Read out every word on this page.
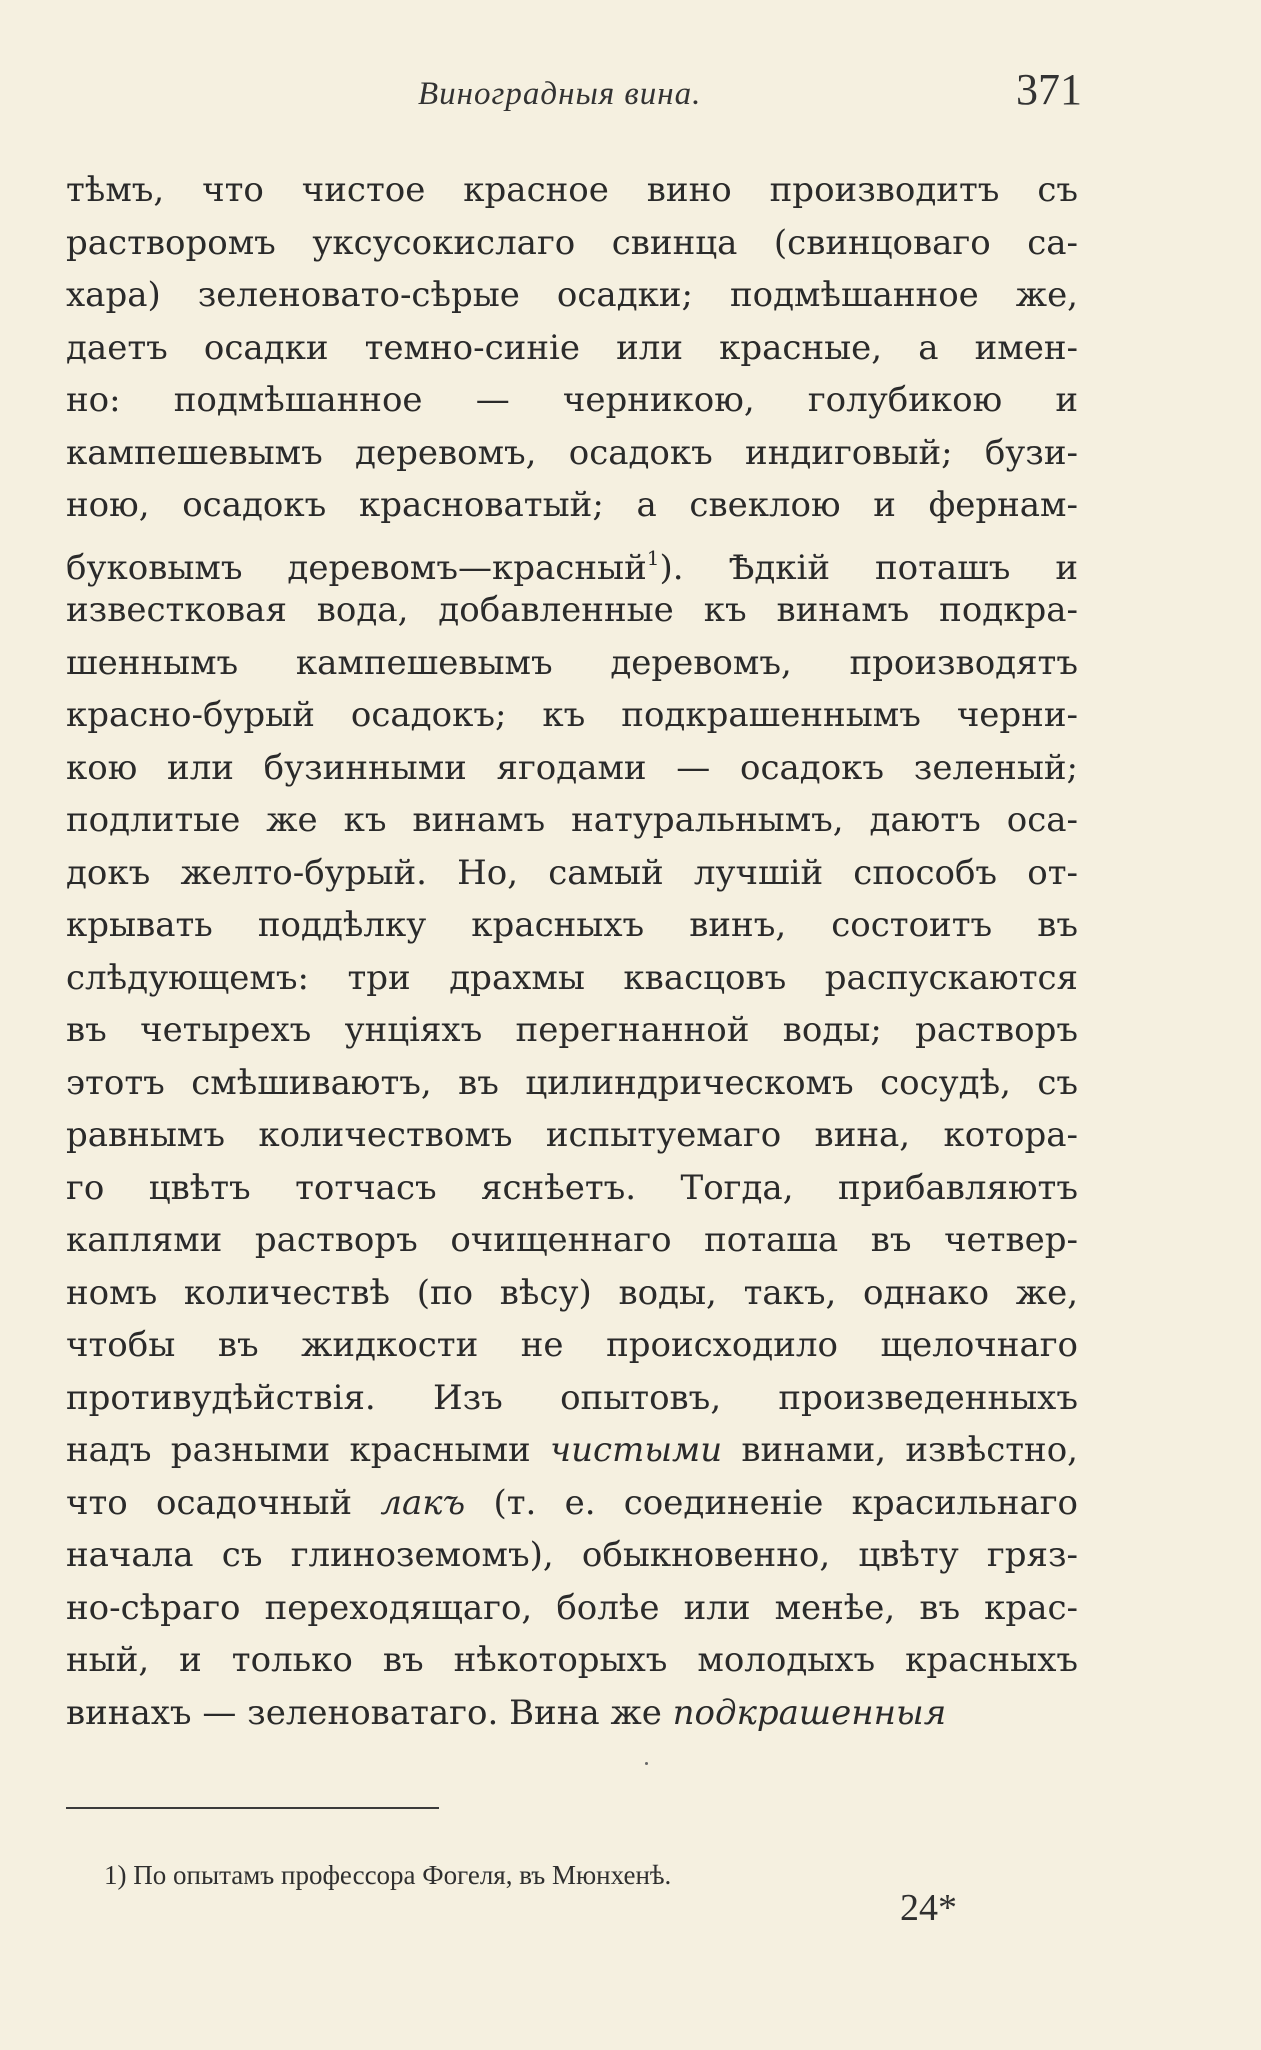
Виноградныя вина.	371
тѣмъ, что чистое красное вино производитъ съ
растворомъ уксусокислаго свинца (свинцоваго са-
хара) зеленовато-сѣрые осадки; подмѣшанное же,
даетъ осадки темно-синіе или красные, а имен-
но: подмѣшанное — черникою, голубикою и
кампешевымъ деревомъ, осадокъ индиговый; бузи-
ною, осадокъ красноватый; а свеклою и фернам-
буковымъ деревомъ—красный$^1$). Ѣдкій поташъ и
известковая вода, добавленные къ винамъ подкра-
шеннымъ кампешевымъ деревомъ, производятъ
красно-бурый осадокъ; къ подкрашеннымъ черни-
кою или бузинными ягодами — осадокъ зеленый;
подлитые же къ винамъ натуральнымъ, даютъ оса-
докъ желто-бурый. Но, самый лучшій способъ от-
крывать поддѣлку красныхъ винъ, состоитъ въ
слѣдующемъ: три драхмы квасцовъ распускаются
въ четырехъ унціяхъ перегнанной воды; растворъ
этотъ смѣшиваютъ, въ цилиндрическомъ сосудѣ, съ
равнымъ количествомъ испытуемаго вина, котора-
го цвѣтъ тотчасъ яснѣетъ. Тогда, прибавляютъ
каплями растворъ очищеннаго поташа въ четвер-
номъ количествѣ (по вѣсу) воды, такъ, однако же,
чтобы въ жидкости не происходило щелочнаго
противудѣйствія. Изъ опытовъ, произведенныхъ
надъ разными красными чистыми винами, извѣстно,
что осадочный лакъ (т. е. соединеніе красильнаго
начала съ глиноземомъ), обыкновенно, цвѣту гряз-
но-сѣраго переходящаго, болѣе или менѣе, въ крас-
ный, и только въ нѣкоторыхъ молодыхъ красныхъ
винахъ — зеленоватаго. Вина же подкрашенныя
1) По опытамъ профессора Фогеля, въ Мюнхенѣ.
24*
